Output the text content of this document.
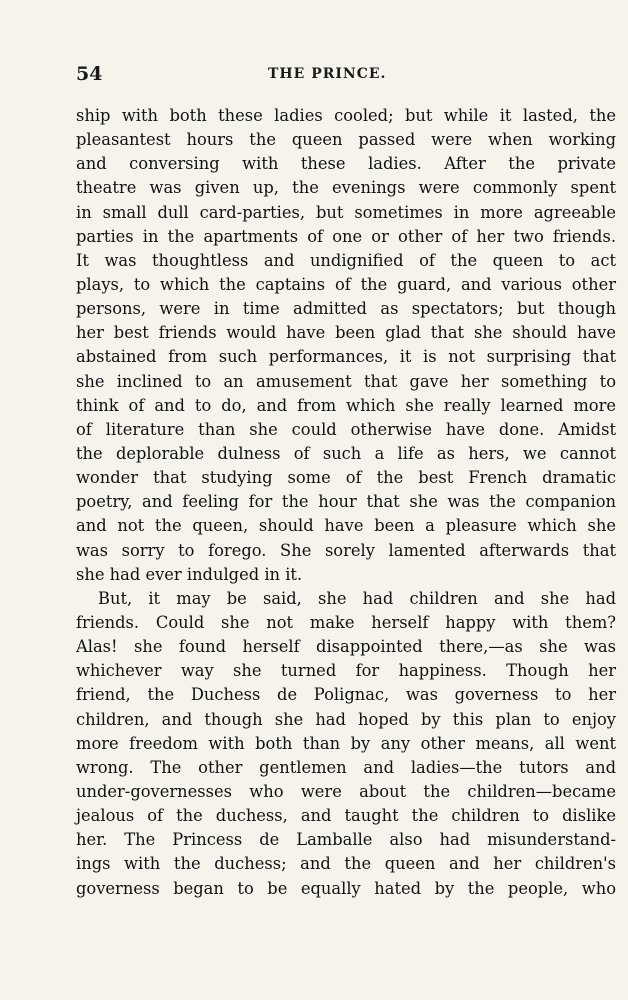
54	THE PRINCE.
ship with both these ladies cooled; but while it lasted, the
pleasantest hours the queen passed were when working
and conversing with these ladies. After the private
theatre was given up, the evenings were commonly spent
in small dull card-parties, but sometimes in more agreeable
parties in the apartments of one or other of her two friends.
It was thoughtless and undignified of the queen to act
plays, to which the captains of the guard, and various other
persons, were in time admitted as spectators; but though
her best friends would have been glad that she should have
abstained from such performances, it is not surprising that
she inclined to an amusement that gave her something to
think of and to do, and from which she really learned more
of literature than she could otherwise have done. Amidst
the deplorable dulness of such a life as hers, we cannot
wonder that studying some of the best French dramatic
poetry, and feeling for the hour that she was the companion
and not the queen, should have been a pleasure which she
was sorry to forego. She sorely lamented afterwards that
she had ever indulged in it.
But, it may be said, she had children and she had
friends. Could she not make herself happy with them?
Alas! she found herself disappointed there,—as she was
whichever way she turned for happiness. Though her
friend, the Duchess de Polignac, was governess to her
children, and though she had hoped by this plan to enjoy
more freedom with both than by any other means, all went
wrong. The other gentlemen and ladies—the tutors and
under-governesses who were about the children—became
jealous of the duchess, and taught the children to dislike
her. The Princess de Lamballe also had misunderstand-
ings with the duchess; and the queen and her children's
governess began to be equally hated by the people, who
